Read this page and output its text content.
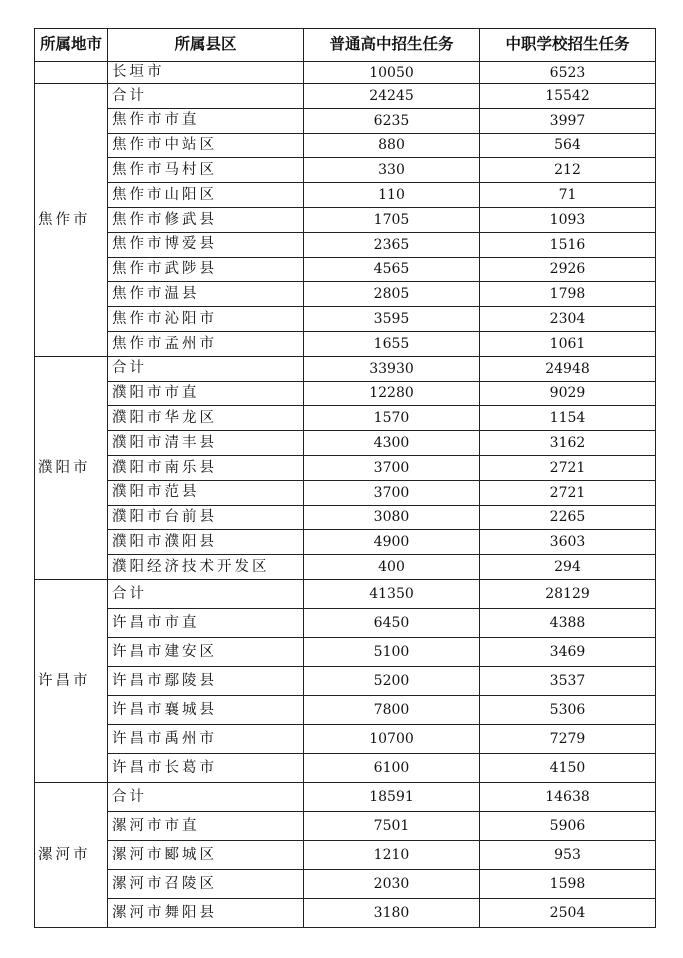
所属地市	所属县区	普通高中招生任务	中职学校招生任务
	长垣市	10050	6523
焦作市	合计	24245	15542
	焦作市市直	6235	3997
	焦作市中站区	880	564
	焦作市马村区	330	212
	焦作市山阳区	110	71
	焦作市修武县	1705	1093
	焦作市博爱县	2365	1516
	焦作市武陟县	4565	2926
	焦作市温县	2805	1798
	焦作市沁阳市	3595	2304
	焦作市孟州市	1655	1061
濮阳市	合计	33930	24948
	濮阳市市直	12280	9029
	濮阳市华龙区	1570	1154
	濮阳市清丰县	4300	3162
	濮阳市南乐县	3700	2721
	濮阳市范县	3700	2721
	濮阳市台前县	3080	2265
	濮阳市濮阳县	4900	3603
	濮阳经济技术开发区	400	294
许昌市	合计	41350	28129
	许昌市市直	6450	4388
	许昌市建安区	5100	3469
	许昌市鄢陵县	5200	3537
	许昌市襄城县	7800	5306
	许昌市禹州市	10700	7279
	许昌市长葛市	6100	4150
漯河市	合计	18591	14638
	漯河市市直	7501	5906
	漯河市郾城区	1210	953
	漯河市召陵区	2030	1598
	漯河市舞阳县	3180	2504
